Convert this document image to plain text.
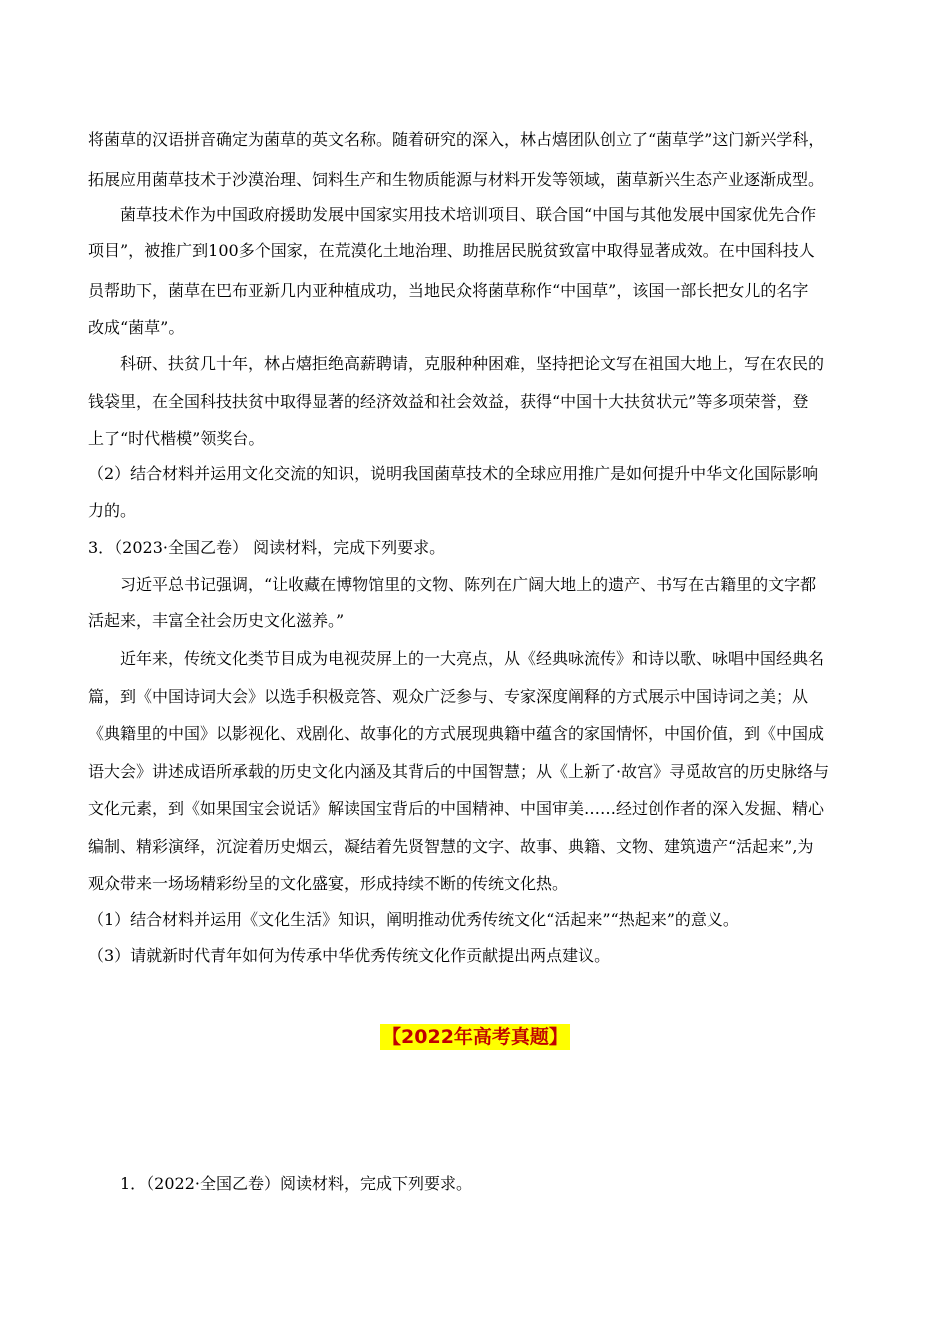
将菌草的汉语拼音确定为菌草的英文名称。随着研究的深入，林占熺团队创立了“菌草学”这门新兴学科，
拓展应用菌草技术于沙漠治理、饲料生产和生物质能源与材料开发等领域，菌草新兴生态产业逐渐成型。
菌草技术作为中国政府援助发展中国家实用技术培训项目、联合国“中国与其他发展中国家优先合作
项目”，被推广到100多个国家，在荒漠化土地治理、助推居民脱贫致富中取得显著成效。在中国科技人
员帮助下，菌草在巴布亚新几内亚种植成功，当地民众将菌草称作“中国草”，该国一部长把女儿的名字
改成“菌草”。
科研、扶贫几十年，林占熺拒绝高薪聘请，克服种种困难，坚持把论文写在祖国大地上，写在农民的
钱袋里，在全国科技扶贫中取得显著的经济效益和社会效益，获得“中国十大扶贫状元”等多项荣誉，登
上了“时代楷模”领奖台。
（2）结合材料并运用文化交流的知识，说明我国菌草技术的全球应用推广是如何提升中华文化国际影响
力的。
3．（2023·全国乙卷） 阅读材料，完成下列要求。
习近平总书记强调，“让收藏在博物馆里的文物、陈列在广阔大地上的遗产、书写在古籍里的文字都
活起来，丰富全社会历史文化滋养。”
近年来，传统文化类节目成为电视荧屏上的一大亮点，从《经典咏流传》和诗以歌、咏唱中国经典名
篇，到《中国诗词大会》以选手积极竞答、观众广泛参与、专家深度阐释的方式展示中国诗词之美；从
《典籍里的中国》以影视化、戏剧化、故事化的方式展现典籍中蕴含的家国情怀，中国价值，到《中国成
语大会》讲述成语所承载的历史文化内涵及其背后的中国智慧；从《上新了·故宫》寻觅故宫的历史脉络与
文化元素，到《如果国宝会说话》解读国宝背后的中国精神、中国审美……经过创作者的深入发掘、精心
编制、精彩演绎，沉淀着历史烟云，凝结着先贤智慧的文字、故事、典籍、文物、建筑遗产“活起来”,为
观众带来一场场精彩纷呈的文化盛宴，形成持续不断的传统文化热。
（1）结合材料并运用《文化生活》知识，阐明推动优秀传统文化“活起来”“热起来”的意义。
（3）请就新时代青年如何为传承中华优秀传统文化作贡献提出两点建议。
【2022年高考真题】
1．（2022·全国乙卷）阅读材料，完成下列要求。
